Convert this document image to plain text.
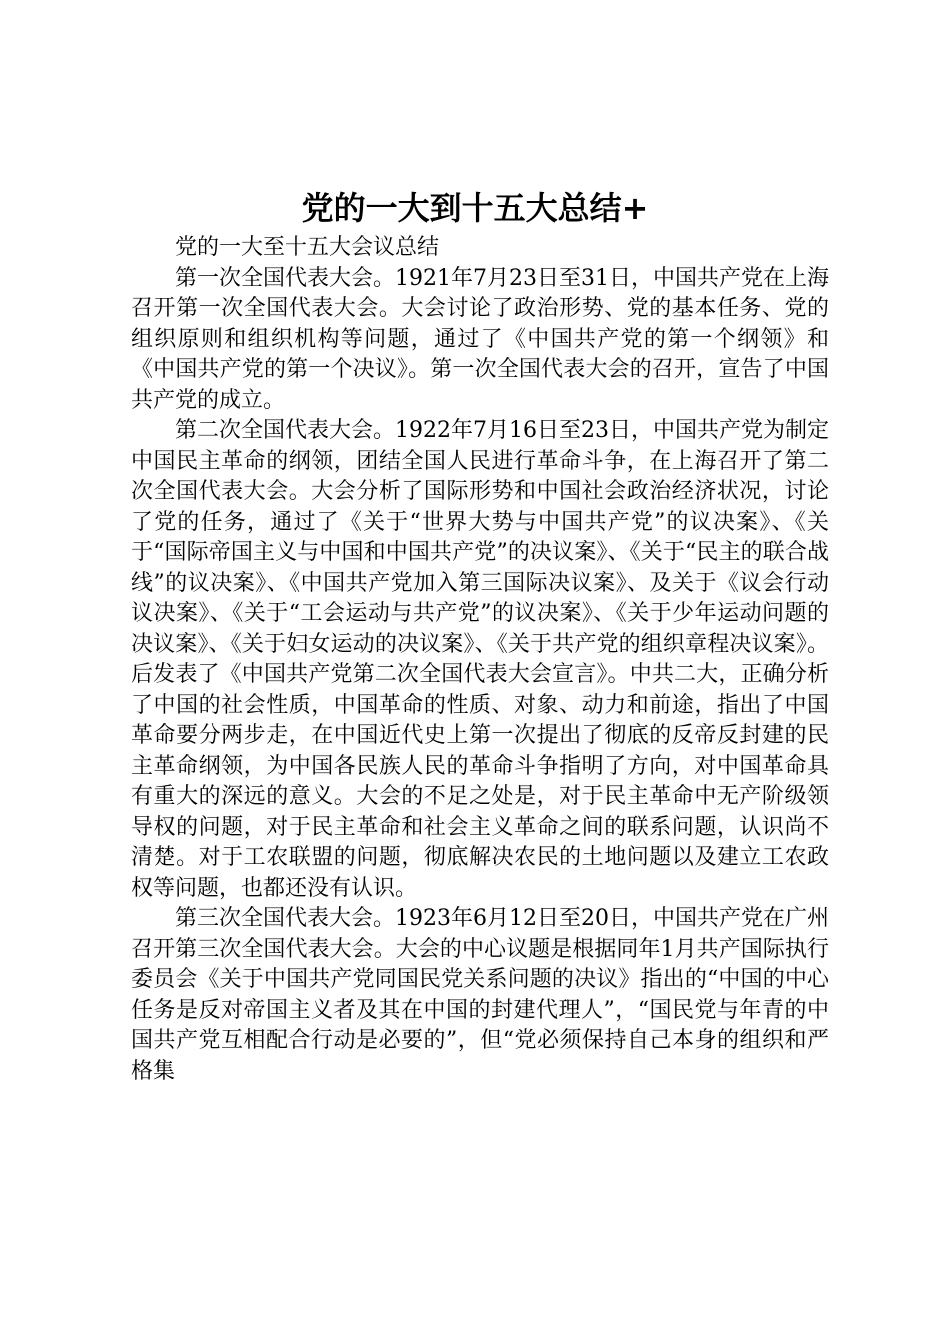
党的一大到十五大总结+

党的一大至十五大会议总结

第一次全国代表大会。1921年7月23日至31日，中国共产党在上海召开第一次全国代表大会。大会讨论了政治形势、党的基本任务、党的组织原则和组织机构等问题，通过了《中国共产党的第一个纲领》和《中国共产党的第一个决议》。第一次全国代表大会的召开，宣告了中国共产党的成立。

第二次全国代表大会。1922年7月16日至23日，中国共产党为制定中国民主革命的纲领，团结全国人民进行革命斗争，在上海召开了第二次全国代表大会。大会分析了国际形势和中国社会政治经济状况，讨论了党的任务，通过了《关于“世界大势与中国共产党”的议决案》、《关于“国际帝国主义与中国和中国共产党”的决议案》、《关于“民主的联合战线”的议决案》、《中国共产党加入第三国际决议案》、及关于《议会行动议决案》、《关于“工会运动与共产党”的议决案》、《关于少年运动问题的决议案》、《关于妇女运动的决议案》、《关于共产党的组织章程决议案》。后发表了《中国共产党第二次全国代表大会宣言》。中共二大，正确分析了中国的社会性质，中国革命的性质、对象、动力和前途，指出了中国革命要分两步走，在中国近代史上第一次提出了彻底的反帝反封建的民主革命纲领，为中国各民族人民的革命斗争指明了方向，对中国革命具有重大的深远的意义。大会的不足之处是，对于民主革命中无产阶级领导权的问题，对于民主革命和社会主义革命之间的联系问题，认识尚不清楚。对于工农联盟的问题，彻底解决农民的土地问题以及建立工农政权等问题，也都还没有认识。

第三次全国代表大会。1923年6月12日至20日，中国共产党在广州召开第三次全国代表大会。大会的中心议题是根据同年1月共产国际执行委员会《关于中国共产党同国民党关系问题的决议》指出的“中国的中心任务是反对帝国主义者及其在中国的封建代理人”，“国民党与年青的中国共产党互相配合行动是必要的”，但“党必须保持自己本身的组织和严格集
